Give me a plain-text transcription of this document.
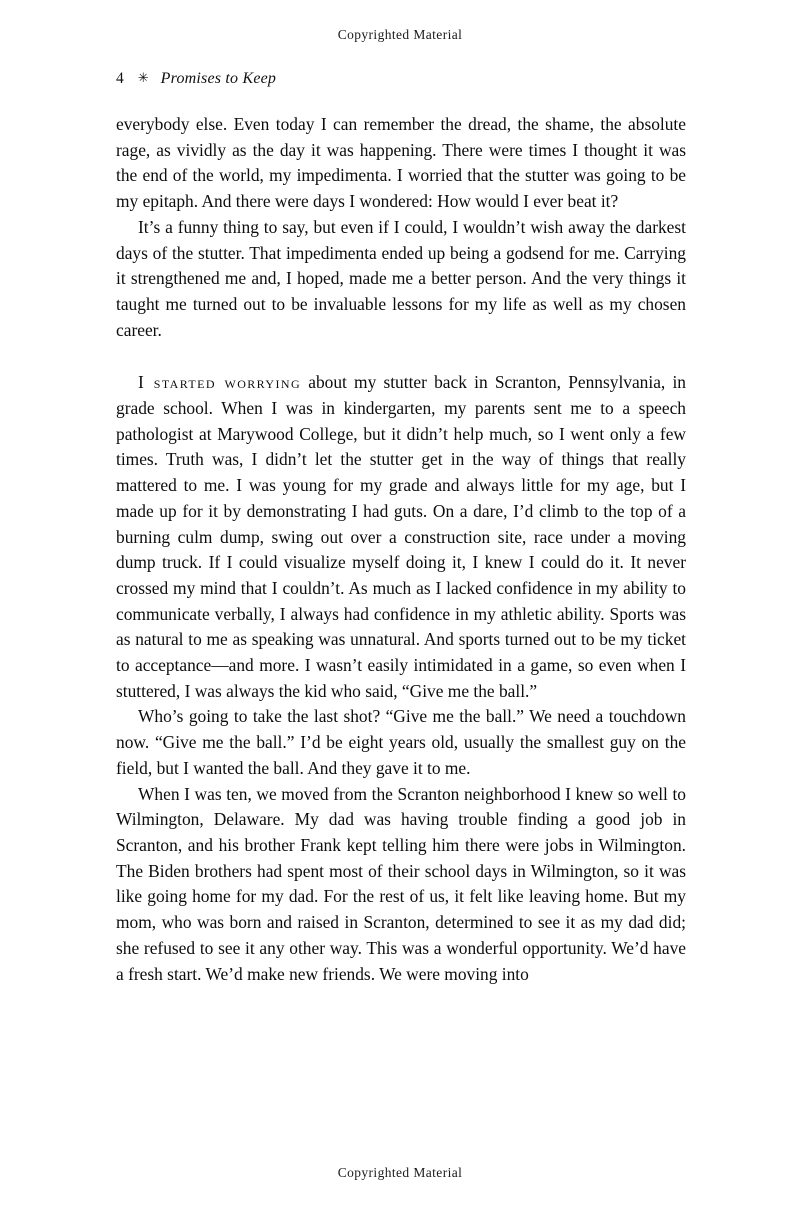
Copyrighted Material
4 ✳ Promises to Keep

everybody else. Even today I can remember the dread, the shame, the absolute rage, as vividly as the day it was happening. There were times I thought it was the end of the world, my impedimenta. I worried that the stutter was going to be my epitaph. And there were days I wondered: How would I ever beat it?

It’s a funny thing to say, but even if I could, I wouldn’t wish away the darkest days of the stutter. That impedimenta ended up being a godsend for me. Carrying it strengthened me and, I hoped, made me a better person. And the very things it taught me turned out to be invaluable lessons for my life as well as my chosen career.

I started worrying about my stutter back in Scranton, Pennsylvania, in grade school. When I was in kindergarten, my parents sent me to a speech pathologist at Marywood College, but it didn’t help much, so I went only a few times. Truth was, I didn’t let the stutter get in the way of things that really mattered to me. I was young for my grade and always little for my age, but I made up for it by demonstrating I had guts. On a dare, I’d climb to the top of a burning culm dump, swing out over a construction site, race under a moving dump truck. If I could visualize myself doing it, I knew I could do it. It never crossed my mind that I couldn’t. As much as I lacked confidence in my ability to communicate verbally, I always had confidence in my athletic ability. Sports was as natural to me as speaking was unnatural. And sports turned out to be my ticket to acceptance—and more. I wasn’t easily intimidated in a game, so even when I stuttered, I was always the kid who said, “Give me the ball.”

Who’s going to take the last shot? “Give me the ball.” We need a touchdown now. “Give me the ball.” I’d be eight years old, usually the smallest guy on the field, but I wanted the ball. And they gave it to me.

When I was ten, we moved from the Scranton neighborhood I knew so well to Wilmington, Delaware. My dad was having trouble finding a good job in Scranton, and his brother Frank kept telling him there were jobs in Wilmington. The Biden brothers had spent most of their school days in Wilmington, so it was like going home for my dad. For the rest of us, it felt like leaving home. But my mom, who was born and raised in Scranton, determined to see it as my dad did; she refused to see it any other way. This was a wonderful opportunity. We’d have a fresh start. We’d make new friends. We were moving into

Copyrighted Material
